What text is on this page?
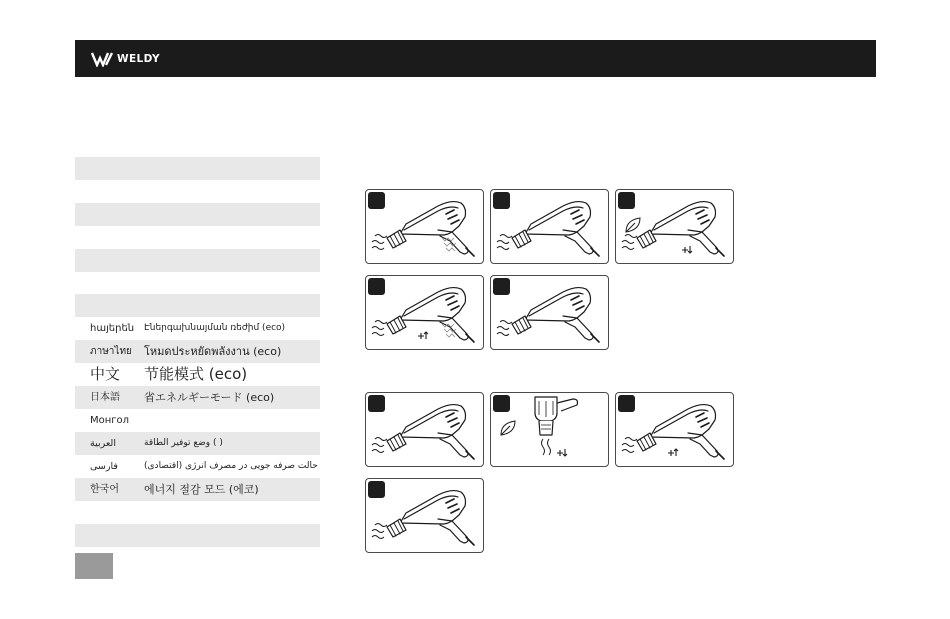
WELDY
հայերեն Էներգախնայման ռեժիմ (eco)
ภาษาไทย โหมดประหยัดพลังงาน (eco)
中文 节能模式 (eco)
日本語 省エネルギーモード (eco)
Монгол
العربية	وضع توفير الطاقة ( )
فارسی	حالت صرفه جویی در مصرف انرژی (اقتصادی)
한국어 에너지 절감 모드 (에코)
